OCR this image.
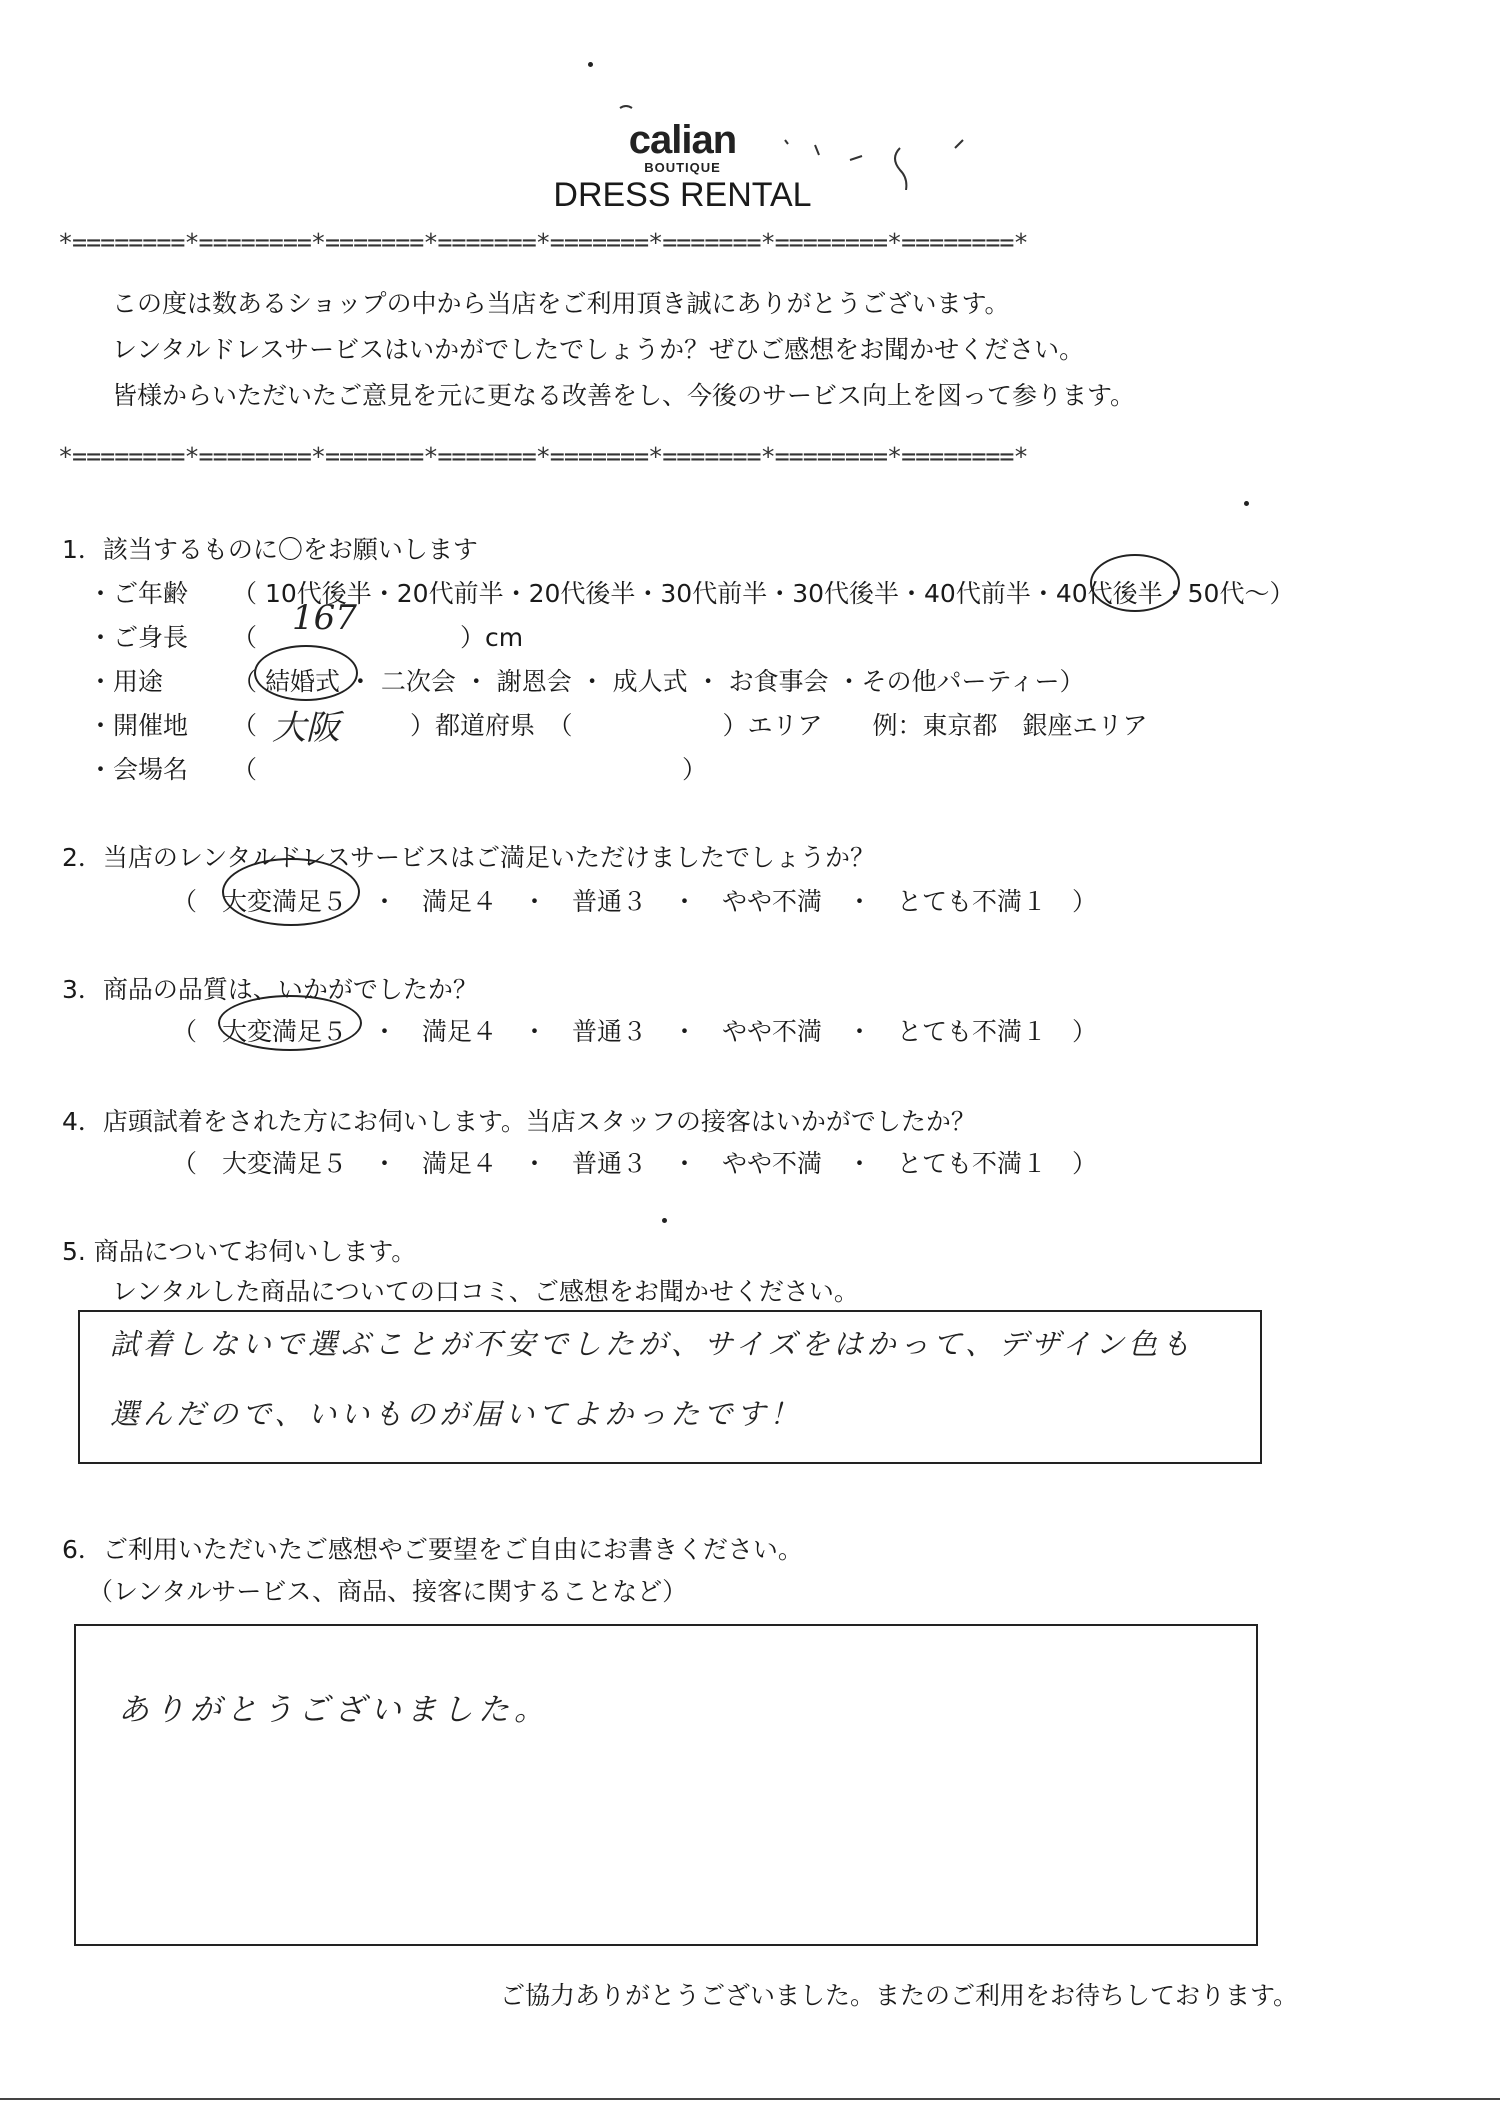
calian
BOUTIQUE
DRESS RENTAL
*========*========*=======*=======*=======*=======*========*========*
*========*========*=======*=======*=======*=======*========*========*
この度は数あるショップの中から当店をご利用頂き誠にありがとうございます。
レンタルドレスサービスはいかがでしたでしょうか？ぜひご感想をお聞かせください。
皆様からいただいたご意見を元に更なる改善をし、今後のサービス向上を図って参ります。
1．該当するものに〇をお願いします
・ご年齢 （ 10代後半・20代前半・20代後半・30代前半・30代後半・40代前半・40代後半・50代～）
・ご身長 （ 167	）cm
・用途	（ 結婚式 ・ 二次会 ・ 謝恩会 ・ 成人式 ・ お食事会 ・その他パーティー）
・開催地 （ 大阪	）都道府県　（　　　　　　）エリア　　例：東京都　銀座エリア
・会場名 （　　　　　　　　　　　　　　　　　）
2．当店のレンタルドレスサービスはご満足いただけましたでしょうか？
（　大変満足５　・　満足４　・　普通３　・　やや不満　・　とても不満１　）
3．商品の品質は、いかがでしたか？
（　大変満足５　・　満足４　・　普通３　・　やや不満　・　とても不満１　）
4．店頭試着をされた方にお伺いします。当店スタッフの接客はいかがでしたか？
（　大変満足５　・　満足４　・　普通３　・　やや不満　・　とても不満１　）
5. 商品についてお伺いします。
レンタルした商品についての口コミ、ご感想をお聞かせください。
試着しないで選ぶことが不安でしたが、サイズをはかって、デザイン色も
選んだので、いいものが届いてよかったです！
6．ご利用いただいたご感想やご要望をご自由にお書きください。
（レンタルサービス、商品、接客に関することなど）
ありがとうございました。
ご協力ありがとうございました。またのご利用をお待ちしております。
